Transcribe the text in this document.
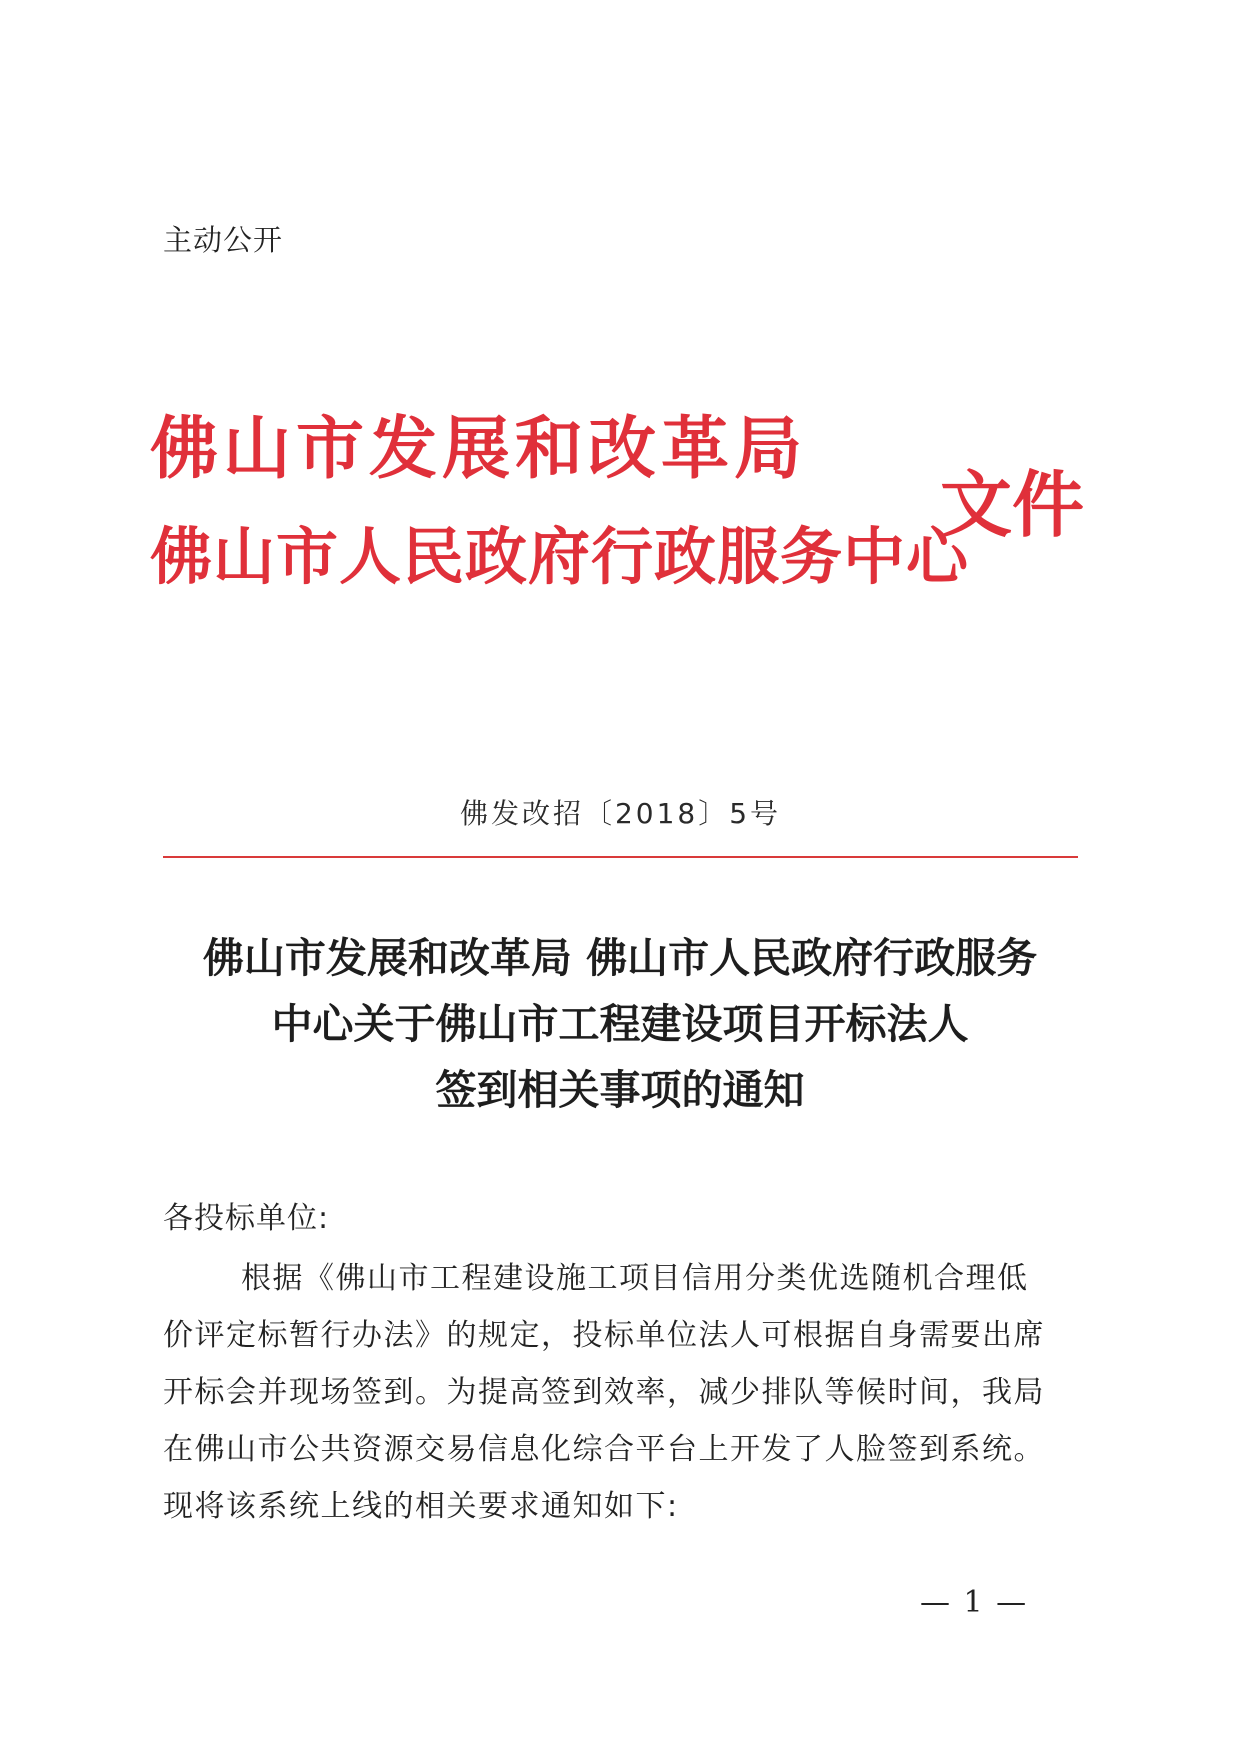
主动公开
佛山市发展和改革局
佛山市人民政府行政服务中心
文件
佛发改招〔2018〕5号
佛山市发展和改革局 佛山市人民政府行政服务
中心关于佛山市工程建设项目开标法人
签到相关事项的通知
各投标单位:
根据《佛山市工程建设施工项目信用分类优选随机合理低
价评定标暂行办法》的规定，投标单位法人可根据自身需要出席
开标会并现场签到。为提高签到效率，减少排队等候时间，我局
在佛山市公共资源交易信息化综合平台上开发了人脸签到系统。
现将该系统上线的相关要求通知如下:
— 1 —
